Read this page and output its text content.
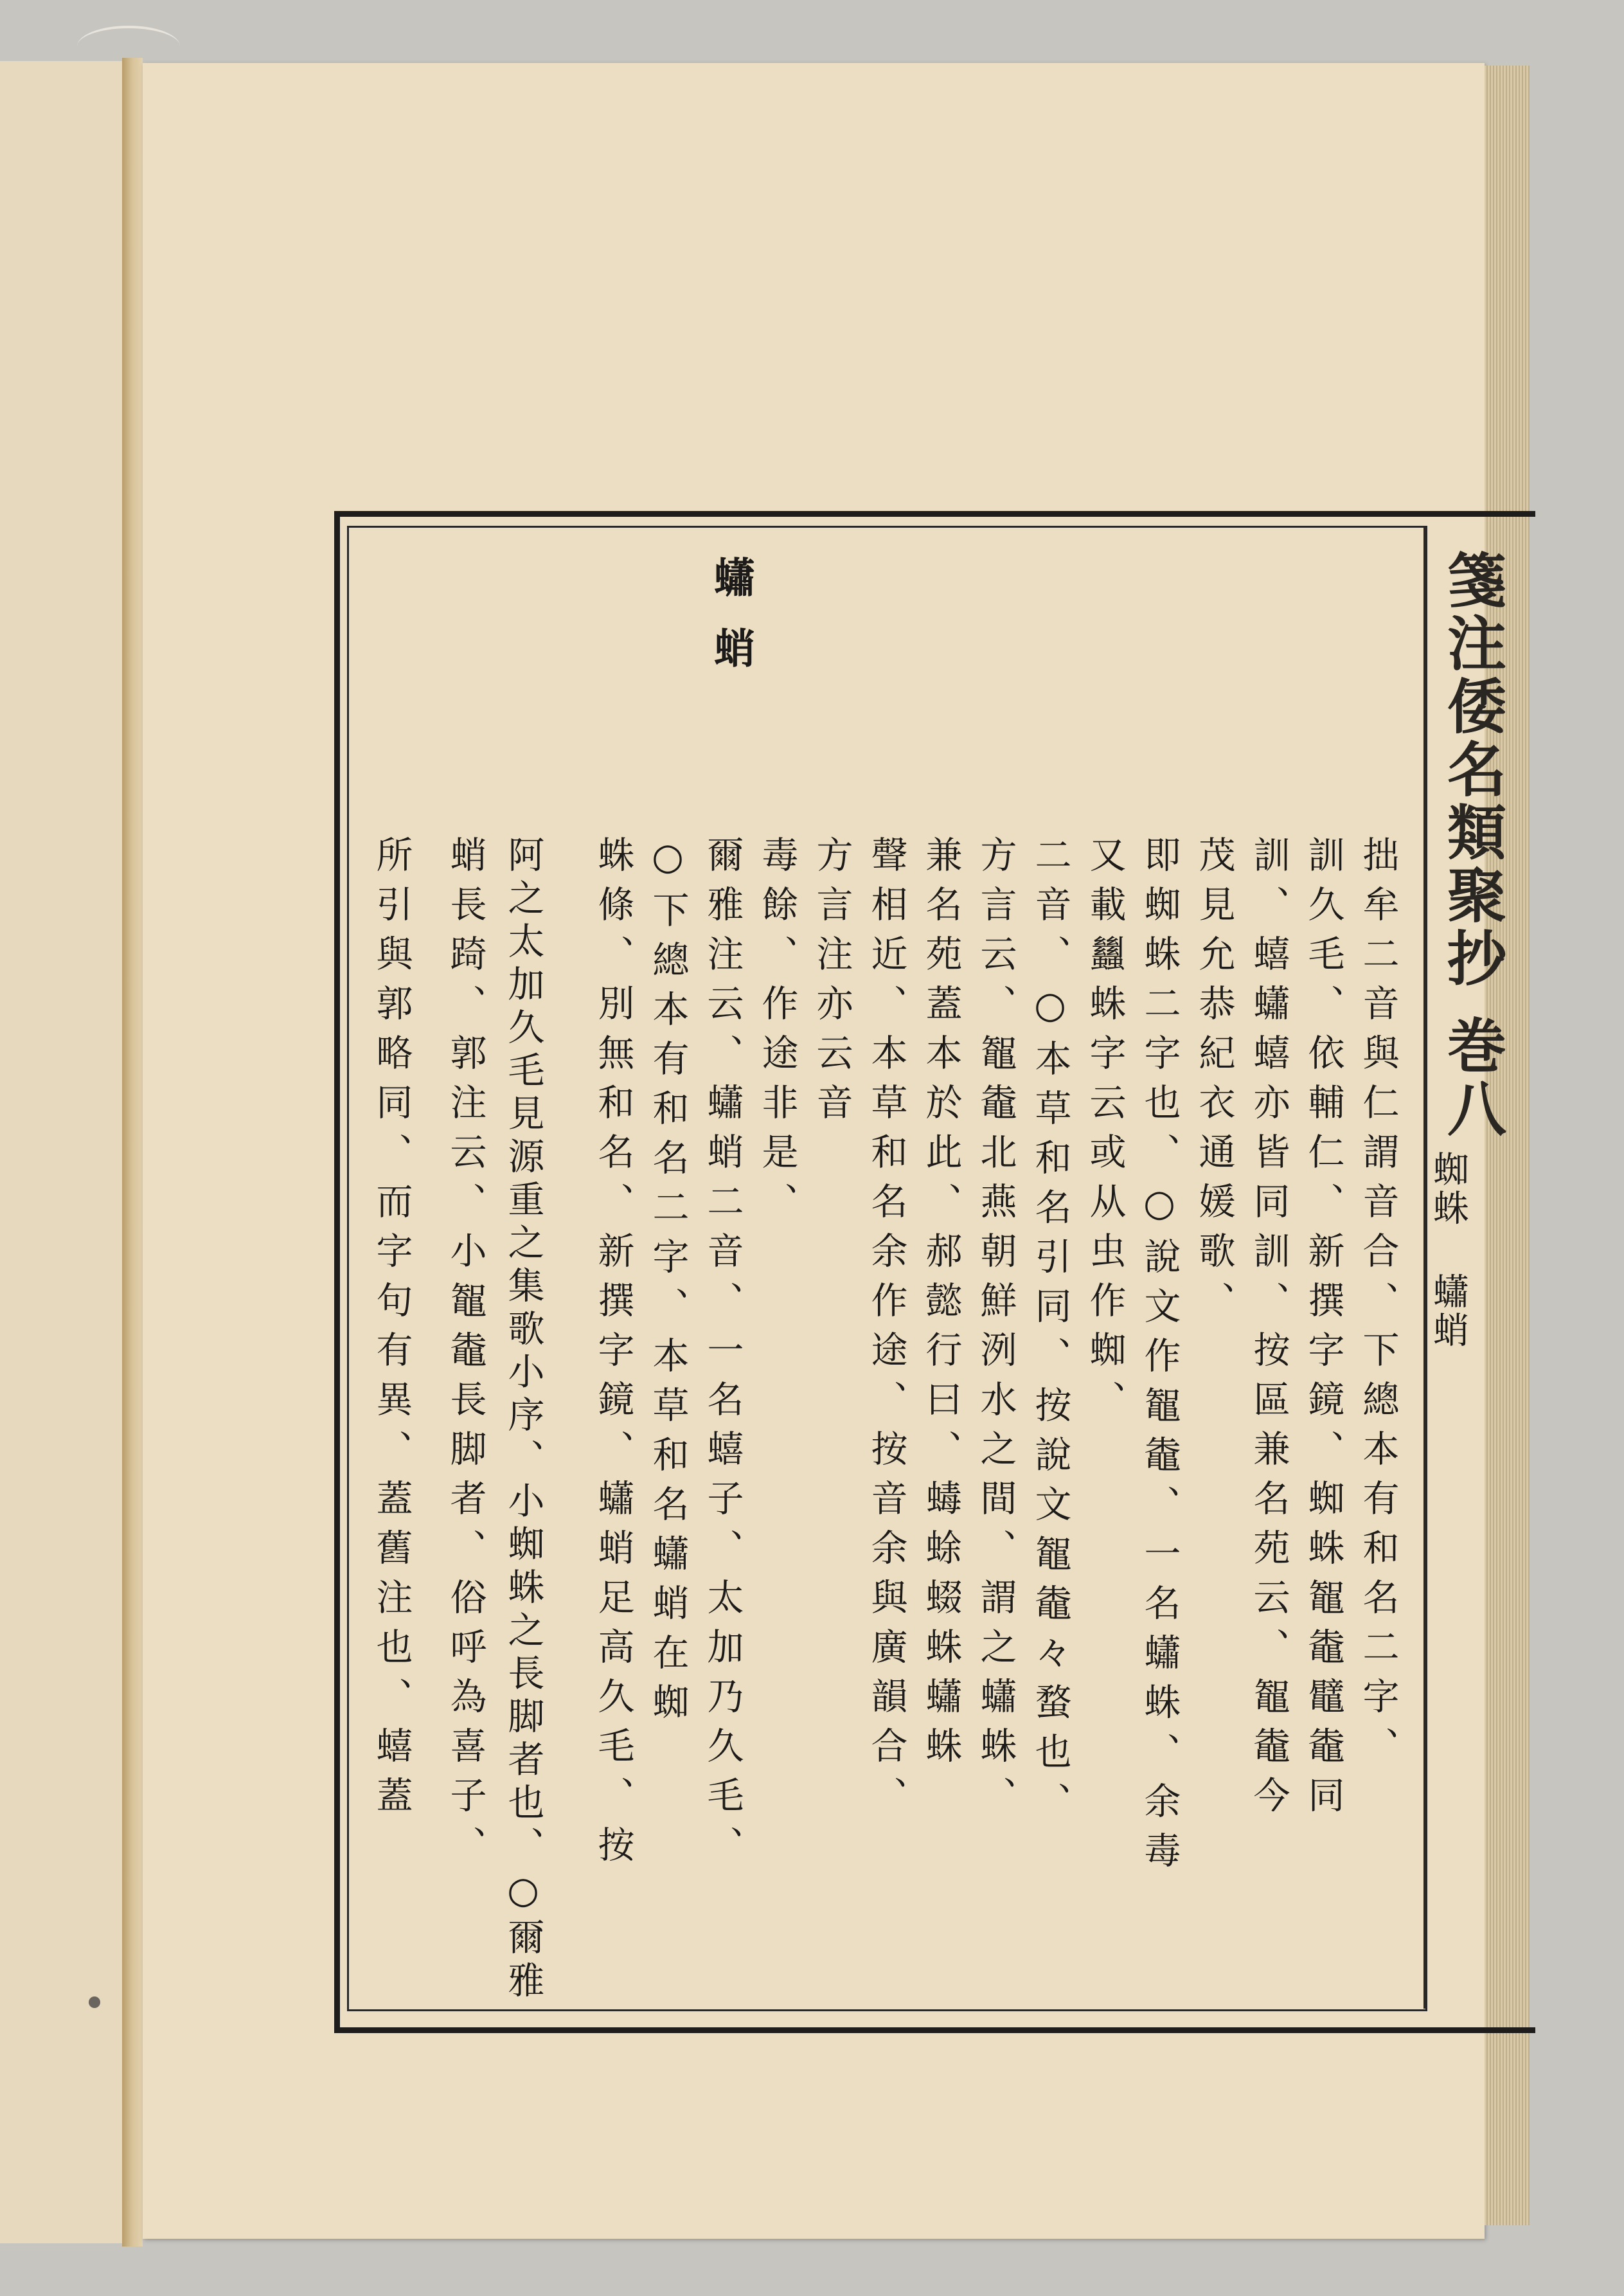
箋注倭名類聚抄 巻八
蜘蛛
蠨蛸
蠨
蛸
拙牟二音與仁謂音合、下總本有和名二字、
訓久毛、依輔仁、新撰字鏡、蜘蛛鼅鼄鼊鼄同
訓、蟢蠨蟢亦皆同訓、按區兼名苑云、鼅鼄今
茂見允恭紀衣通媛歌、
即蜘蛛二字也、○說文作鼅鼄、一名蠨蛛、余毒
又載蠿蛛字云或从虫作蜘、
二音、○本草和名引同、按說文鼅鼄々蝥也、
方言云、鼅鼄北燕朝鮮洌水之間、謂之蠨蛛、
兼名苑蓋本於此、郝懿行曰、蝳蜍蝃蛛蠨蛛
聲相近、本草和名余作途、按音余與廣韻合、
方言注亦云音
毒餘、作途非是、
爾雅注云、蠨蛸二音、一名蟢子、太加乃久毛、
○下總本有和名二字、本草和名蠨蛸在蜘
蛛條、別無和名、新撰字鏡、蠨蛸足高久毛、按
阿之太加久毛見源重之集歌小序、小蜘蛛之長脚者也、○爾雅
蛸長踦、郭注云、小鼅鼄長脚者、俗呼為喜子、
所引與郭略同、而字句有異、蓋舊注也、蟢蓋
